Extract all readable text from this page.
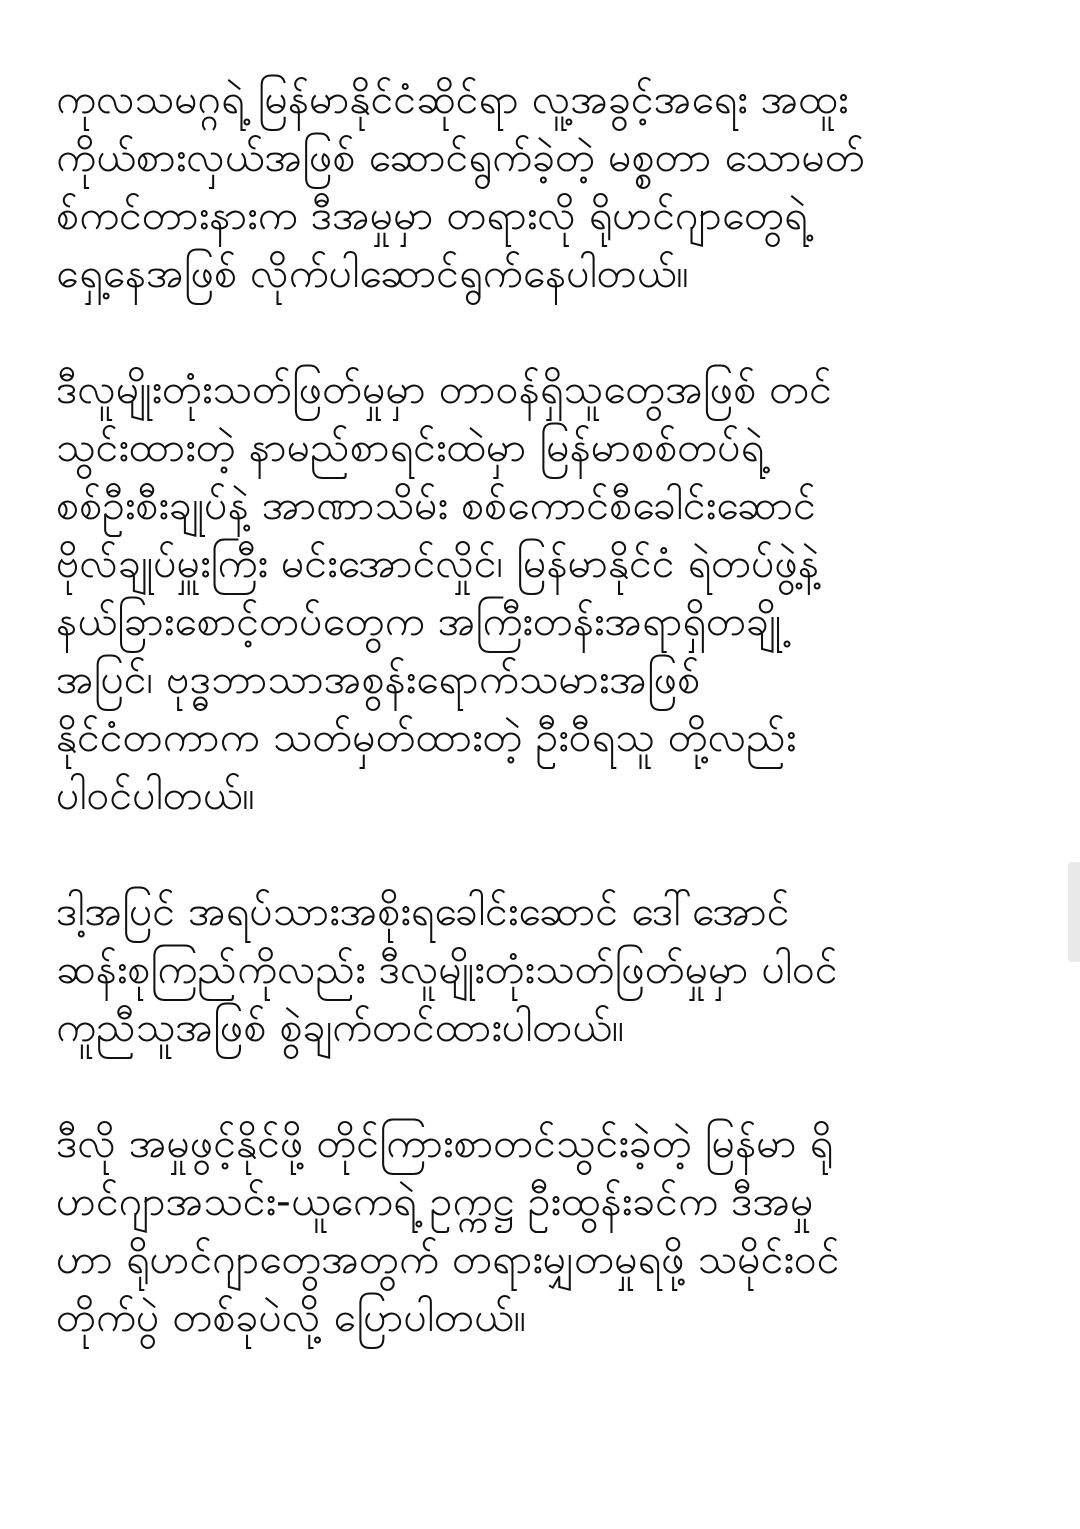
ကုလသမဂ္ဂရဲ့ မြန်မာနိုင်ငံဆိုင်ရာ လူ့အခွင့်အရေး အထူး
ကိုယ်စားလှယ်အဖြစ် ဆောင်ရွက်ခဲ့တဲ့ မစ္စတာ သောမတ်
စ်ကင်တားနားက ဒီအမှုမှာ တရားလို ရိုဟင်ဂျာတွေရဲ့
ရှေ့နေအဖြစ် လိုက်ပါဆောင်ရွက်နေပါတယ်။
ဒီလူမျိုးတုံးသတ်ဖြတ်မှုမှာ တာဝန်ရှိသူတွေအဖြစ် တင်
သွင်းထားတဲ့ နာမည်စာရင်းထဲမှာ မြန်မာစစ်တပ်ရဲ့
စစ်ဦးစီးချုပ်နဲ့ အာဏာသိမ်း စစ်ကောင်စီခေါင်းဆောင်
ဗိုလ်ချုပ်မှူးကြီး မင်းအောင်လှိုင်၊ မြန်မာနိုင်ငံ ရဲတပ်ဖွဲ့နဲ့
နယ်ခြားစောင့်တပ်တွေက အကြီးတန်းအရာရှိတချို့
အပြင်၊ ဗုဒ္ဓဘာသာအစွန်းရောက်သမားအဖြစ်
နိုင်ငံတကာက သတ်မှတ်ထားတဲ့ ဦးဝီရသူ တို့လည်း
ပါဝင်ပါတယ်။
ဒါ့အပြင် အရပ်သားအစိုးရခေါင်းဆောင် ဒေါ်အောင်
ဆန်းစုကြည်ကိုလည်း ဒီလူမျိုးတုံးသတ်ဖြတ်မှုမှာ ပါဝင်
ကူညီသူအဖြစ် စွဲချက်တင်ထားပါတယ်။
ဒီလို အမှုဖွင့်နိုင်ဖို့ တိုင်ကြားစာတင်သွင်းခဲ့တဲ့ မြန်မာ ရို
ဟင်ဂျာအသင်း-ယူကေရဲ့ ဥက္ကဋ္ဌ ဦးထွန်းခင်က ဒီအမှု
ဟာ ရိုဟင်ဂျာတွေအတွက် တရားမျှတမှုရဖို့ သမိုင်းဝင်
တိုက်ပွဲ တစ်ခုပဲလို့ ပြောပါတယ်။
